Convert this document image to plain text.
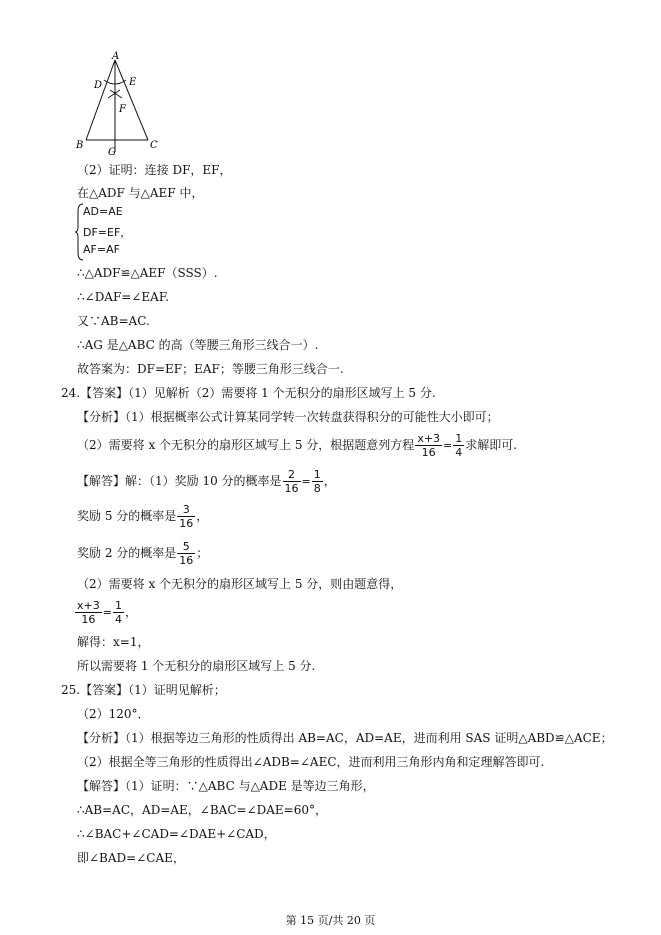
A
D	E
F
B	C
G
（2）证明：连接 DF，EF，
在△ADF 与△AEF 中，
AD=AE
DF=EF，
AF=AF
∴△ADF≌△AEF（SSS）.
∴∠DAF=∠EAF.
又∵AB=AC.
∴AG 是△ABC 的高（等腰三角形三线合一）.
故答案为：DF=EF；EAF；等腰三角形三线合一.
24.【答案】（1）见解析（2）需要将 1 个无积分的扇形区域写上 5 分.
【分析】（1）根据概率公式计算某同学转一次转盘获得积分的可能性大小即可；
（2）需要将 x 个无积分的扇形区域写上 5 分，根据题意列方程 $\frac{x+3}{16} = \frac{1}{4}$ 求解即可.
【解答】解：（1）奖励 10 分的概率是 $\frac{2}{16} = \frac{1}{8}$ ，
奖励 5 分的概率是 $\frac{3}{16}$ ，
奖励 2 分的概率是 $\frac{5}{16}$ ；
（2）需要将 x 个无积分的扇形区域写上 5 分，则由题意得，
$\frac{x+3}{16} = \frac{1}{4}$ ，
解得：x=1，
所以需要将 1 个无积分的扇形区域写上 5 分.
25.【答案】（1）证明见解析；
（2）120°．
【分析】（1）根据等边三角形的性质得出 AB=AC，AD=AE，进而利用 SAS 证明△ABD≌△ACE；
（2）根据全等三角形的性质得出∠ADB=∠AEC，进而利用三角形内角和定理解答即可.
【解答】（1）证明：∵△ABC 与△ADE 是等边三角形，
∴AB=AC，AD=AE，∠BAC=∠DAE=60°，
∴∠BAC+∠CAD=∠DAE+∠CAD，
即∠BAD=∠CAE，
第 15 页/共 20 页
